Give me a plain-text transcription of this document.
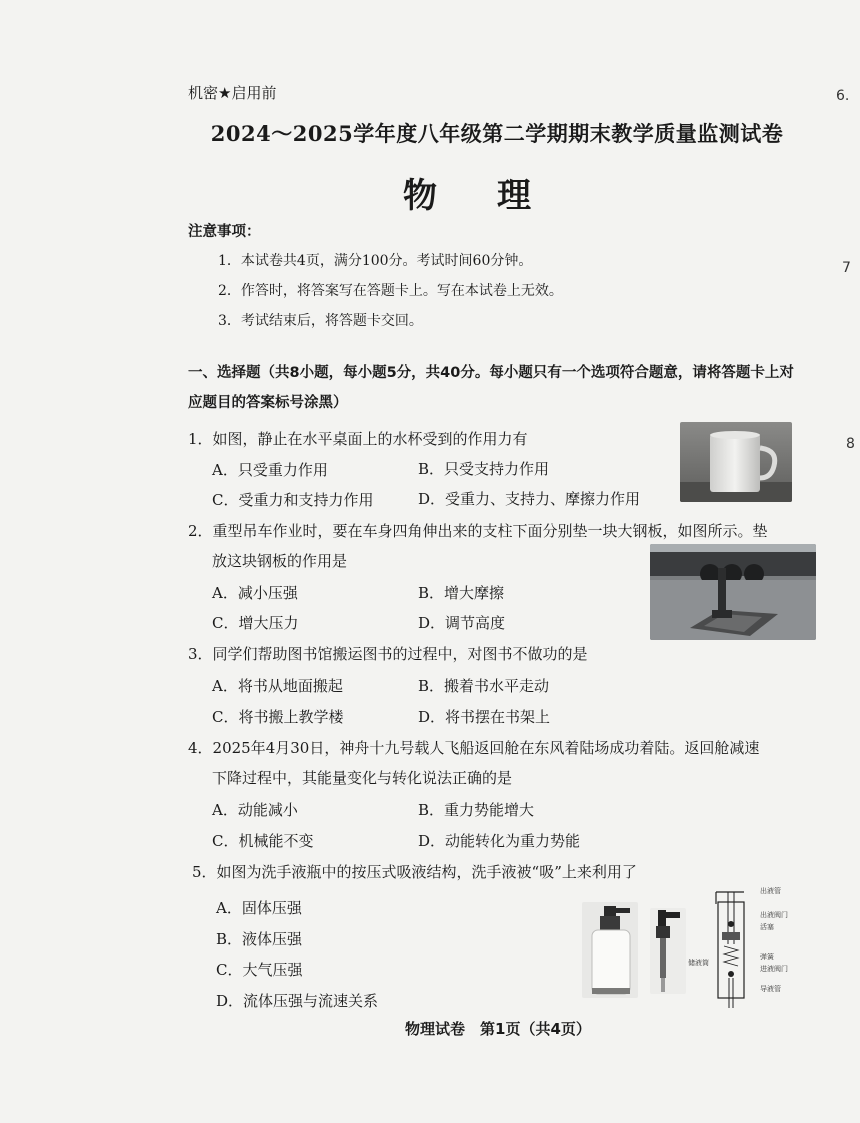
机密★启用前
2024～2025学年度八年级第二学期期末教学质量监测试卷
物理
注意事项：
1．本试卷共4页，满分100分。考试时间60分钟。
2．作答时，将答案写在答题卡上。写在本试卷上无效。
3．考试结束后，将答题卡交回。
一、选择题（共8小题，每小题5分，共40分。每小题只有一个选项符合题意，请将答题卡上对应题目的答案标号涂黑）
1．如图，静止在水平桌面上的水杯受到的作用力有
A．只受重力作用	B．只受支持力作用
C．受重力和支持力作用	D．受重力、支持力、摩擦力作用
2．重型吊车作业时，要在车身四角伸出来的支柱下面分别垫一块大钢板，如图所示。垫
放这块钢板的作用是
A．减小压强	B．增大摩擦
C．增大压力	D．调节高度
3．同学们帮助图书馆搬运图书的过程中，对图书不做功的是
A．将书从地面搬起	B．搬着书水平走动
C．将书搬上教学楼	D．将书摆在书架上
4．2025年4月30日，神舟十九号载人飞船返回舱在东风着陆场成功着陆。返回舱减速
下降过程中，其能量变化与转化说法正确的是
A．动能减小	B．重力势能增大
C．机械能不变	D．动能转化为重力势能
5．如图为洗手液瓶中的按压式吸液结构，洗手液被“吸”上来利用了
A．固体压强
B．液体压强
C．大气压强
D．流体压强与流速关系
出液管
出液阀门
活塞
弹簧
储液筒
进液阀门
导液管
物理试卷　第1页（共4页）
6.
7
8
